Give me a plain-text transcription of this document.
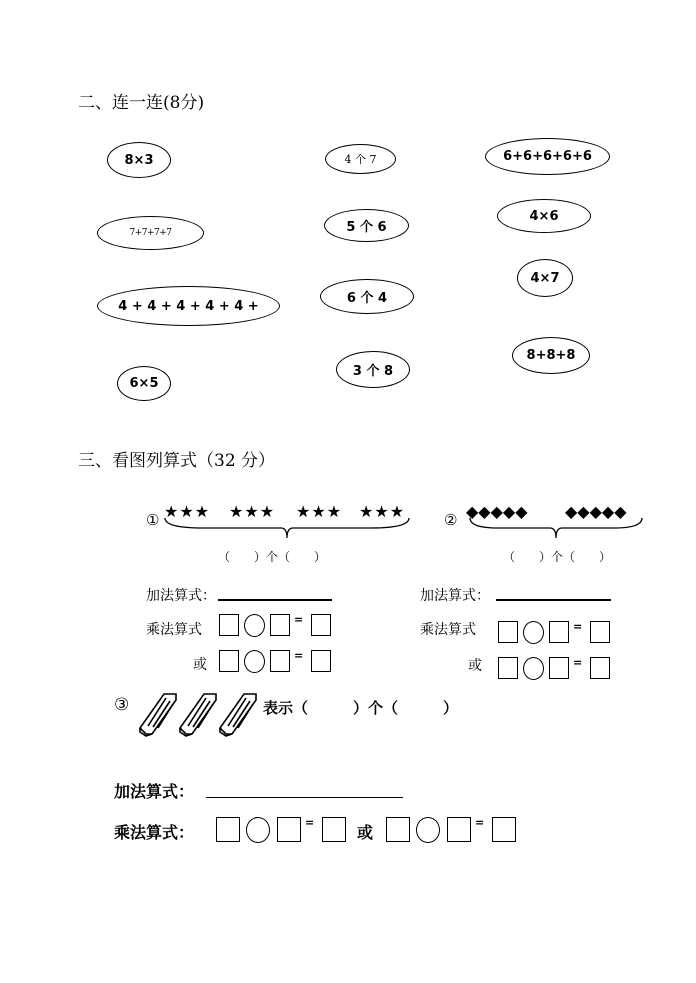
二、连一连(8分)
8×3
7+7+7+7
4 + 4 + 4 + 4 + 4 +
6×5
4 个 7
5 个 6
6 个 4
3 个 8
6+6+6+6+6
4×6
4×7
8+8+8
三、看图列算式（32 分）
① ★★★ ★★★ ★★★ ★★★
（　　）个（　　）
加法算式：
乘法算式
=
或
=
② ◆◆◆◆◆ ◆◆◆◆◆
（　　）个（　　）
加法算式：
乘法算式	=
或	=
③	表示（　　　）个（　　　）
加法算式：
乘法算式：
=
或
=
